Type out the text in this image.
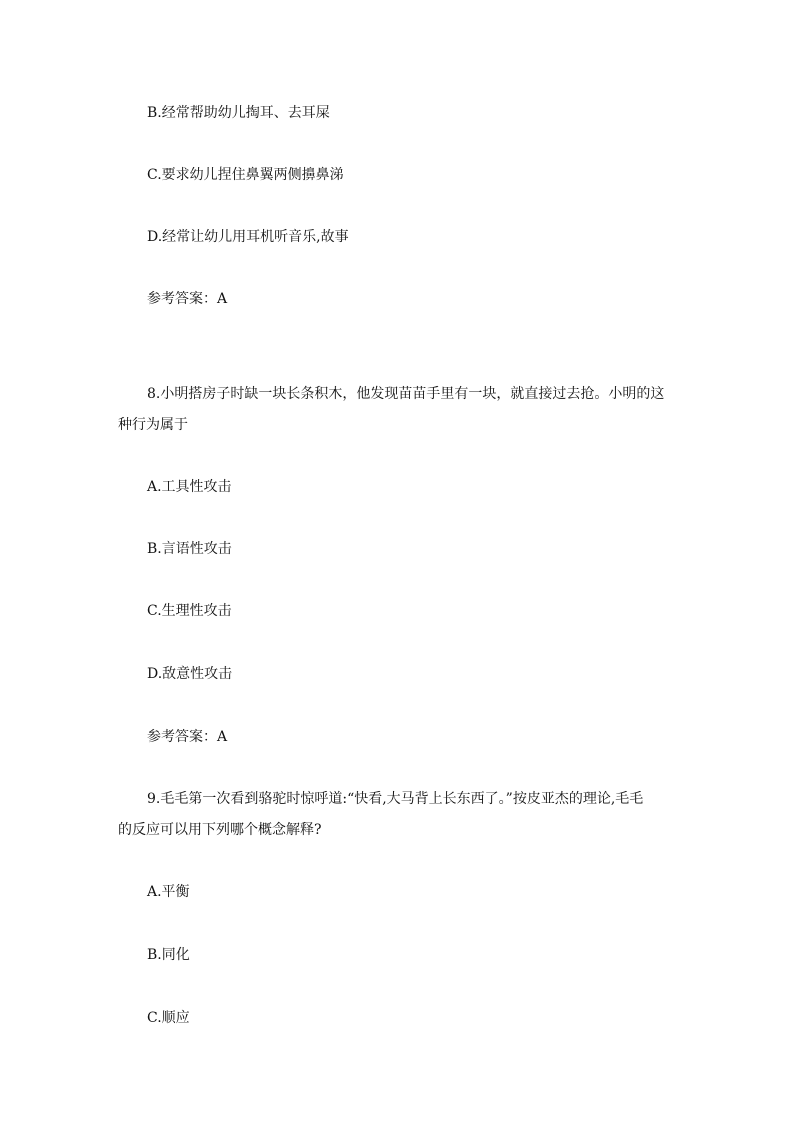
B.经常帮助幼儿掏耳、去耳屎
C.要求幼儿捏住鼻翼两侧擤鼻涕
D.经常让幼儿用耳机听音乐,故事
参考答案：A
8.小明搭房子时缺一块长条积木，他发现苗苗手里有一块，就直接过去抢。小明的这
种行为属于
A.工具性攻击
B.言语性攻击
C.生理性攻击
D.敌意性攻击
参考答案：A
9.毛毛第一次看到骆驼时惊呼道:“快看,大马背上长东西了。”按皮亚杰的理论,毛毛
的反应可以用下列哪个概念解释?
A.平衡
B.同化
C.顺应
